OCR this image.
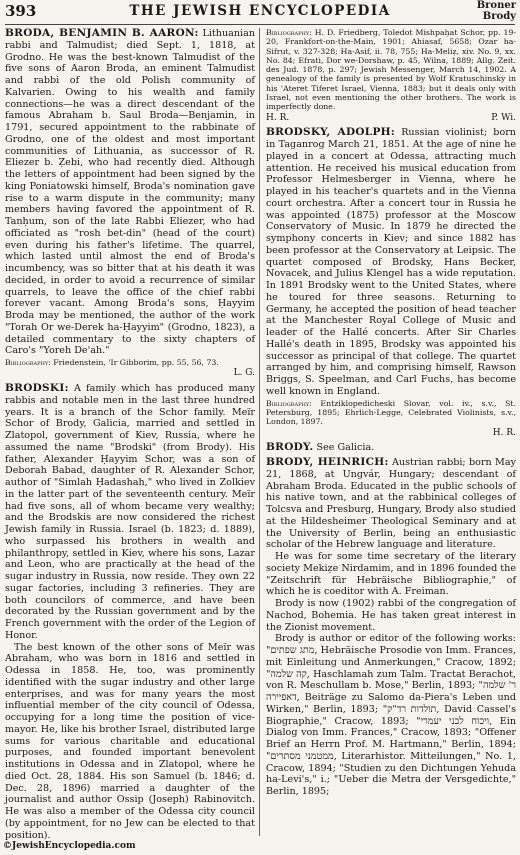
393	THE JEWISH ENCYCLOPEDIA	Broner
Brody

BRODA, BENJAMIN B. AARON: Lithuanian rabbi and Talmudist; died Sept. 1, 1818, at Grodno. He was the best-known Talmudist of the five sons of Aaron Broda, an eminent Talmudist and rabbi of the old Polish community of Kalvarien. Owing to his wealth and family connections—he was a direct descendant of the famous Abraham b. Saul Broda—Benjamin, in 1791, secured appointment to the rabbinate of Grodno, one of the oldest and most important communities of Lithuania, as successor of R. Eliezer b. Ẓebi, who had recently died. Although the letters of appointment had been signed by the king Poniatowski himself, Broda's nomination gave rise to a warm dispute in the community; many members having favored the appointment of R. Tanḥum, son of the late Rabbi Eliezer, who had officiated as "rosh bet-din" (head of the court) even during his father's lifetime. The quarrel, which lasted until almost the end of Broda's incumbency, was so bitter that at his death it was decided, in order to avoid a recurrence of similar quarrels, to leave the office of the chief rabbi forever vacant. Among Broda's sons, Ḥayyim Broda may be mentioned, the author of the work "Torah Or we-Derek ha-Ḥayyim" (Grodno, 1823), a detailed commentary to the sixty chapters of Caro's "Yoreh De'ah."

Bibliography: Friedenstein, 'Ir Gibborim, pp. 55, 56, 73.

L. G.

BRODSKI: A family which has produced many rabbis and notable men in the last three hundred years. It is a branch of the Schor family. Meïr Schor of Brody, Galicia, married and settled in Zlatopol, government of Kiev, Russia, where he assumed the name "Brodski" (from Brody). His father, Alexander Ḥayyim Schor, was a son of Deborah Babad, daughter of R. Alexander Schor, author of "Simlah Ḥadashah," who lived in Zolkiev in the latter part of the seventeenth century. Meïr had five sons, all of whom became very wealthy; and the Brodskis are now considered the richest Jewish family in Russia. Israel (b. 1823; d. 1889), who surpassed his brothers in wealth and philanthropy, settled in Kiev, where his sons, Lazar and Leon, who are practically at the head of the sugar industry in Russia, now reside. They own 22 sugar factories, including 3 refineries. They are both councilors of commerce, and have been decorated by the Russian government and by the French government with the order of the Legion of Honor.

The best known of the other sons of Meïr was Abraham, who was born in 1816 and settled in Odessa in 1858. He, too, was prominently identified with the sugar industry and other large enterprises, and was for many years the most influential member of the city council of Odessa, occupying for a long time the position of vice-mayor. He, like his brother Israel, distributed large sums for various charitable and educational purposes, and founded important benevolent institutions in Odessa and in Zlatopol, where he died Oct. 28, 1884. His son Samuel (b. 1846; d. Dec. 28, 1896) married a daughter of the journalist and author Ossip (Joseph) Rabinovitch. He was also a member of the Odessa city council (by appointment, for no Jew can be elected to that position).

Bibliography: H. D. Friedberg, Toledot Mishpaḥat Schor, pp. 19-20, Frankfort-on-the-Main, 1901; Ahiasaf, 5658; Ozar ha-Sifrut, v. 327-328; Ha-Asif, ii. 78, 755; Ha-Meliẓ, xiv. No. 9, xx. No. 84; Efrati, Dor we-Dorshaw, p. 45, Wilna, 1889; Allg. Zeit. des Jud. 1878, p. 297; Jewish Messenger, March 14, 1902. A genealogy of the family is presented by Wolf Kratuschinsky in his 'Ateret Tiferet Israel, Vienna, 1883; but it deals only with Israel, not even mentioning the other brothers. The work is imperfectly done.

H. R.	P. Wi.

BRODSKY, ADOLPH: Russian violinist; born in Taganrog March 21, 1851. At the age of nine he played in a concert at Odessa, attracting much attention. He received his musical education from Professor Helmesberger in Vienna, where he played in his teacher's quartets and in the Vienna court orchestra. After a concert tour in Russia he was appointed (1875) professor at the Moscow Conservatory of Music. In 1879 he directed the symphony concerts in Kiev; and since 1882 has been professor at the Conservatory at Leipsic. The quartet composed of Brodsky, Hans Becker, Novacek, and Julius Klengel has a wide reputation. In 1891 Brodsky went to the United States, where he toured for three seasons. Returning to Germany, he accepted the position of head teacher at the Manchester Royal College of Music and leader of the Hallé concerts. After Sir Charles Hallé's death in 1895, Brodsky was appointed his successor as principal of that college. The quartet arranged by him, and comprising himself, Rawson Briggs, S. Speelman, and Carl Fuchs, has become well known in England.

Bibliography: Entziklopedicheski Slovar, vol. iv., s.v., St. Petersburg, 1895; Ehrlich-Legge, Celebrated Violinists, s.v., London, 1897.

H. R.

BRODY. See Galicia.

BRODY, HEINRICH: Austrian rabbi; born May 21, 1868, at Ungvár, Hungary; descendant of Abraham Broda. Educated in the public schools of his native town, and at the rabbinical colleges of Tolcsva and Presburg, Hungary, Brody also studied at the Hildesheimer Theological Seminary and at the University of Berlin, being an enthusiastic scholar of the Hebrew language and literature.

He was for some time secretary of the literary society Mekiẓe Nirdamim, and in 1896 founded the "Zeitschrift für Hebräische Bibliographie," of which he is coeditor with A. Freiman.

Brody is now (1902) rabbi of the congregation of Nachod, Bohemia. He has taken great interest in the Zionist movement.

Brody is author or editor of the following works: "מתג שפתים, Hebräische Prosodie von Imm. Frances, mit Einleitung und Anmerkungen," Cracow, 1892; "קה שלמה, Haschlamah zum Talm. Tractat Berachot, von R. Meschullam b. Mose," Berlin, 1893; "ר' שלמה דאפיירה, Beiträge zu Salomo da-Piera's Leben und Wirken," Berlin, 1893; "תולדות רד"ק, David Cassel's Biographie," Cracow, 1893; "ויכוח לבני יעמרי, Ein Dialog von Imm. Frances," Cracow, 1893; "Offener Brief an Herrn Prof. M. Hartmann," Berlin, 1894; "ממטמני מסתרים, Literarhistor. Mitteilungen," No. 1, Cracow, 1894; "Studien zu den Dichtungen Yehuda ha-Levi's," i.; "Ueber die Metra der Versgedichte," Berlin, 1895;

©JewishEncyclopedia.com
